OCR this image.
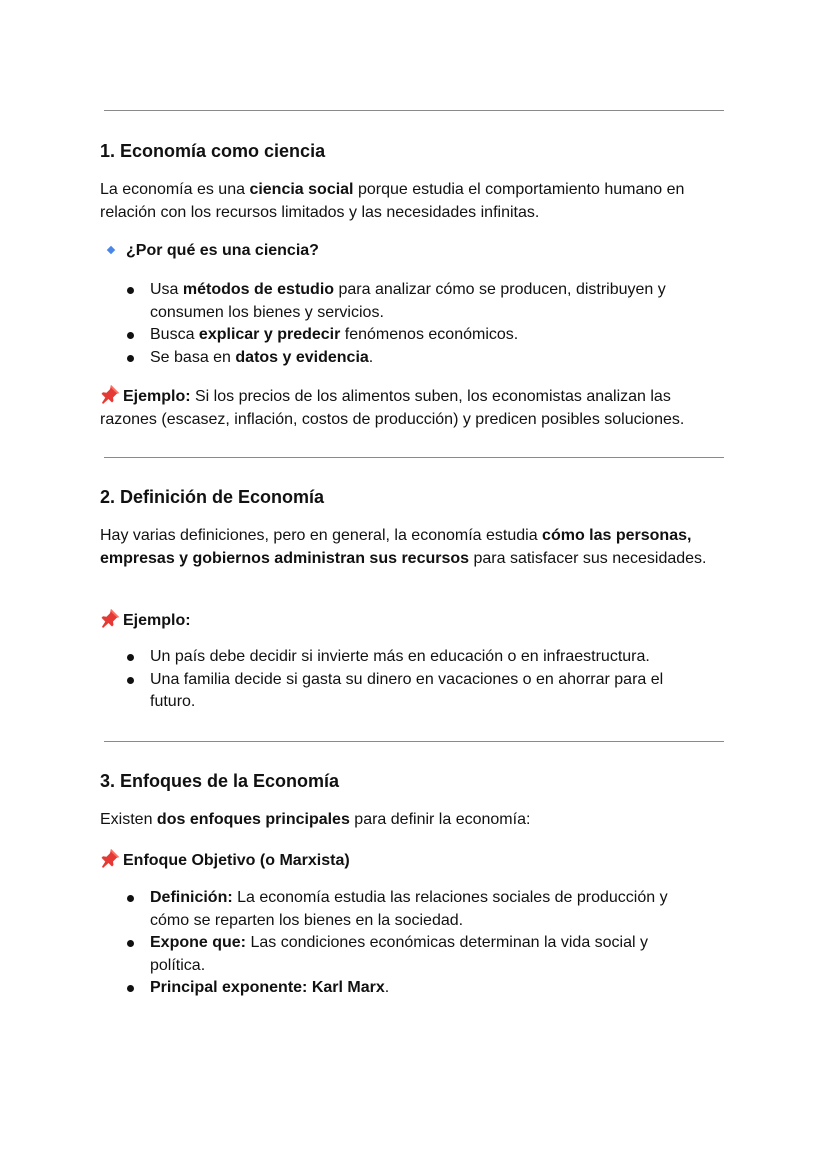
1. Economía como ciencia

La economía es una ciencia social porque estudia el comportamiento humano en relación con los recursos limitados y las necesidades infinitas.

¿Por qué es una ciencia?

Usa métodos de estudio para analizar cómo se producen, distribuyen y consumen los bienes y servicios.
Busca explicar y predecir fenómenos económicos.
Se basa en datos y evidencia.

Ejemplo: Si los precios de los alimentos suben, los economistas analizan las razones (escasez, inflación, costos de producción) y predicen posibles soluciones.

2. Definición de Economía

Hay varias definiciones, pero en general, la economía estudia cómo las personas, empresas y gobiernos administran sus recursos para satisfacer sus necesidades.

Ejemplo:

Un país debe decidir si invierte más en educación o en infraestructura.
Una familia decide si gasta su dinero en vacaciones o en ahorrar para el futuro.
3. Enfoques de la Economía

Existen dos enfoques principales para definir la economía:

Enfoque Objetivo (o Marxista)

Definición: La economía estudia las relaciones sociales de producción y cómo se reparten los bienes en la sociedad.
Expone que: Las condiciones económicas determinan la vida social y política.
Principal exponente: Karl Marx.
